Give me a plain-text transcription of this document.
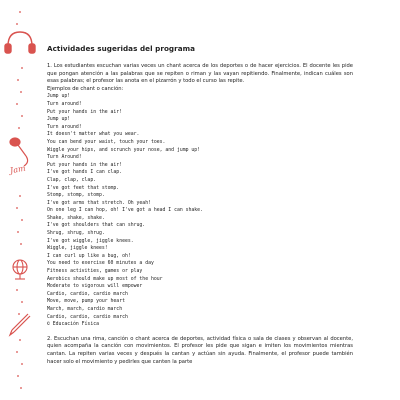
Jam
Actividades sugeridas del programa

1. Los estudiantes escuchan varias veces un chant acerca de los deportes o de hacer ejercicios. El docente les pide que pongan atención a las palabras que se repiten o riman y las vayan repitiendo. Finalmente, indican cuáles son esas palabras; el profesor las anota en el pizarrón y todo el curso las repite.

Ejemplos de chant o canción:

Jump up!
Turn around!
Put your hands in the air!
Jump up!
Turn around!
It doesn't matter what you wear.
You can bend your waist, touch your toes.
Wiggle your hips, and scrunch your nose, and jump up!
Turn Around!
Put your hands in the air!
I've got hands I can clap.
Clap, clap, clap.
I've got feet that stomp.
Stomp, stomp, stomp.
I've got arms that stretch. Oh yeah!
On one leg I can hop, oh! I've got a head I can shake.
Shake, shake, shake.
I've got shoulders that can shrug.
Shrug, shrug, shrug.
I've got wiggle, jiggle knees.
Wiggle, jiggle knees!
I can curl up like a bug, oh!
You need to exercise 60 minutes a day
Fitness activities, games or play
Aerobics should make up most of the hour
Moderate to vigorous will empower
Cardio, cardio, cardio march
Move, move, pump your heart
March, march, cardio march
Cardio, cardio, cardio march
© Educación Física

2. Escuchan una rima, canción o chant acerca de deportes, actividad física o sala de clases y observan al docente, quien acompaña la canción con movimientos. El profesor les pide que sigan e imiten los movimientos mientras cantan. La repiten varias veces y después la cantan y actúan sin ayuda. Finalmente, el profesor puede también hacer solo el movimiento y pedirles que canten la parte
